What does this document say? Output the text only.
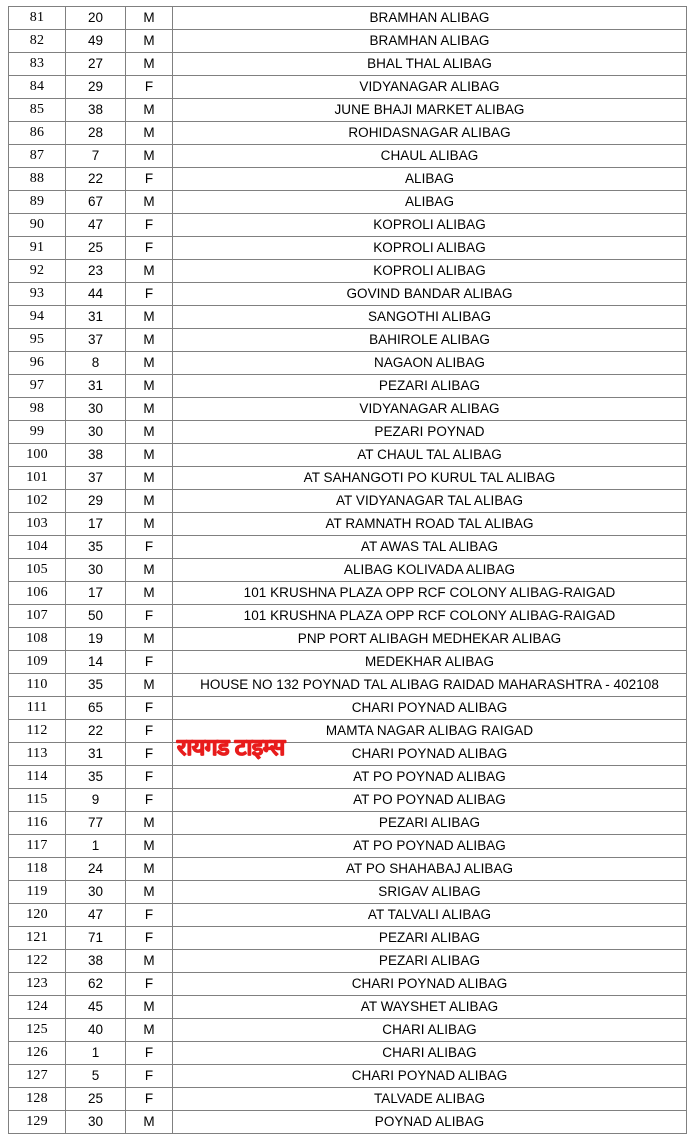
81	20	M	BRAMHAN ALIBAG
82	49	M	BRAMHAN ALIBAG
83	27	M	BHAL THAL ALIBAG
84	29	F	VIDYANAGAR ALIBAG
85	38	M	JUNE BHAJI MARKET ALIBAG
86	28	M	ROHIDASNAGAR ALIBAG
87	7	M	CHAUL ALIBAG
88	22	F	ALIBAG
89	67	M	ALIBAG
90	47	F	KOPROLI ALIBAG
91	25	F	KOPROLI ALIBAG
92	23	M	KOPROLI ALIBAG
93	44	F	GOVIND BANDAR ALIBAG
94	31	M	SANGOTHI ALIBAG
95	37	M	BAHIROLE ALIBAG
96	8	M	NAGAON ALIBAG
97	31	M	PEZARI ALIBAG
98	30	M	VIDYANAGAR ALIBAG
99	30	M	PEZARI POYNAD
100	38	M	AT CHAUL TAL ALIBAG
101	37	M	AT SAHANGOTI PO KURUL TAL ALIBAG
102	29	M	AT VIDYANAGAR TAL ALIBAG
103	17	M	AT RAMNATH ROAD TAL ALIBAG
104	35	F	AT AWAS TAL ALIBAG
105	30	M	ALIBAG KOLIVADA ALIBAG
106	17	M	101 KRUSHNA PLAZA OPP RCF COLONY ALIBAG-RAIGAD
107	50	F	101 KRUSHNA PLAZA OPP RCF COLONY ALIBAG-RAIGAD
108	19	M	PNP PORT ALIBAGH MEDHEKAR ALIBAG
109	14	F	MEDEKHAR ALIBAG
110	35	M	HOUSE NO 132 POYNAD TAL ALIBAG RAIDAD MAHARASHTRA - 402108
111	65	F	CHARI POYNAD ALIBAG
112	22	F	MAMTA NAGAR ALIBAG RAIGAD
113	31	F	CHARI POYNAD ALIBAG
114	35	F	AT PO POYNAD ALIBAG
115	9	F	AT PO POYNAD ALIBAG
116	77	M	PEZARI ALIBAG
117	1	M	AT PO POYNAD ALIBAG
118	24	M	AT PO SHAHABAJ ALIBAG
119	30	M	SRIGAV ALIBAG
120	47	F	AT TALVALI ALIBAG
121	71	F	PEZARI ALIBAG
122	38	M	PEZARI ALIBAG
123	62	F	CHARI POYNAD ALIBAG
124	45	M	AT WAYSHET ALIBAG
125	40	M	CHARI ALIBAG
126	1	F	CHARI ALIBAG
127	5	F	CHARI POYNAD ALIBAG
128	25	F	TALVADE ALIBAG
129	30	M	POYNAD ALIBAG
रायगड टाइम्स
